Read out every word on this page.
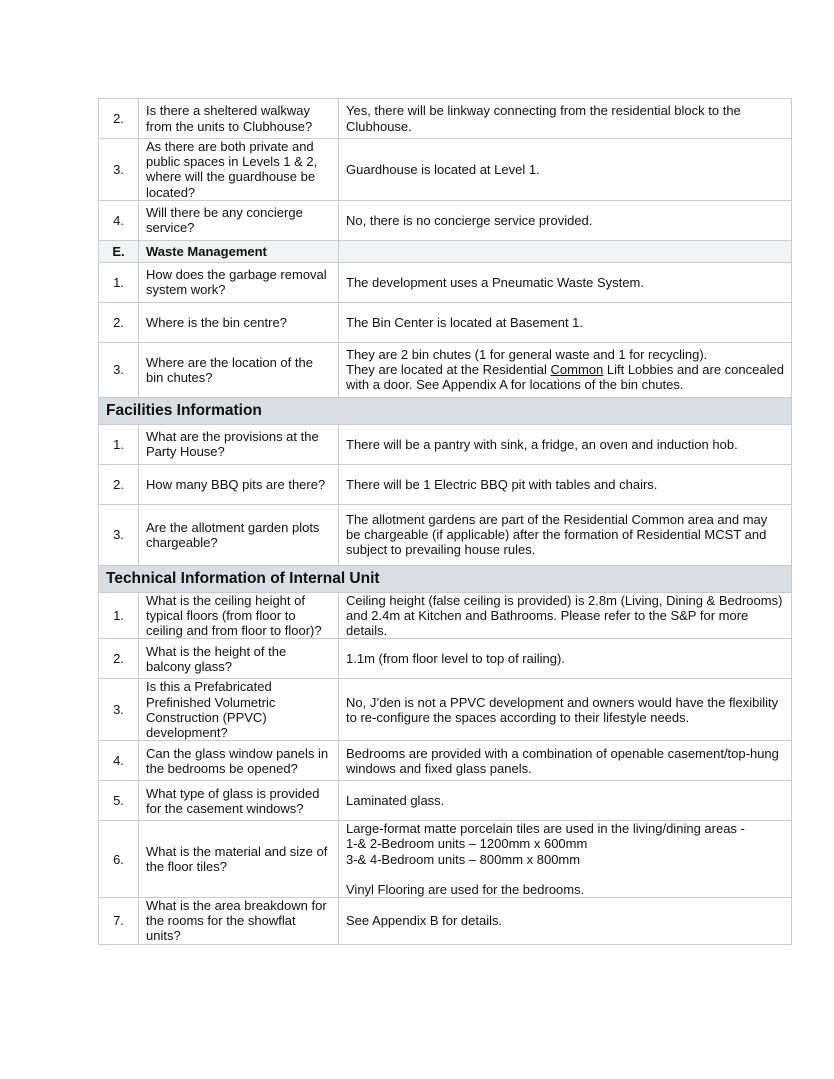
2.	Is there a sheltered walkway from the units to Clubhouse?	Yes, there will be linkway connecting from the residential block to the Clubhouse.
3.	As there are both private and public spaces in Levels 1 & 2, where will the guardhouse be located?	Guardhouse is located at Level 1.
4.	Will there be any concierge service?	No, there is no concierge service provided.
E.	Waste Management	
1.	How does the garbage removal system work?	The development uses a Pneumatic Waste System.
2.	Where is the bin centre?	The Bin Center is located at Basement 1.
3.	Where are the location of the bin chutes?	They are 2 bin chutes (1 for general waste and 1 for recycling).
They are located at the Residential Common Lift Lobbies and are concealed with a door. See Appendix A for locations of the bin chutes.
Facilities Information		
1.	What are the provisions at the Party House?	There will be a pantry with sink, a fridge, an oven and induction hob.
2.	How many BBQ pits are there?	There will be 1 Electric BBQ pit with tables and chairs.
3.	Are the allotment garden plots chargeable?	The allotment gardens are part of the Residential Common area and may be chargeable (if applicable) after the formation of Residential MCST and subject to prevailing house rules.
Technical Information of Internal Unit		
1.	What is the ceiling height of typical floors (from floor to ceiling and from floor to floor)?	Ceiling height (false ceiling is provided) is 2.8m (Living, Dining & Bedrooms) and 2.4m at Kitchen and Bathrooms. Please refer to the S&P for more details.
2.	What is the height of the balcony glass?	1.1m (from floor level to top of railing).
3.	Is this a Prefabricated Prefinished Volumetric Construction (PPVC) development?	No, J’den is not a PPVC development and owners would have the flexibility to re-configure the spaces according to their lifestyle needs.
4.	Can the glass window panels in the bedrooms be opened?	Bedrooms are provided with a combination of openable casement/top-hung windows and fixed glass panels.
5.	What type of glass is provided for the casement windows?	Laminated glass.
6.	What is the material and size of the floor tiles?	Large-format matte porcelain tiles are used in the living/dining areas -
1-& 2-Bedroom units – 1200mm x 600mm
3-& 4-Bedroom units – 800mm x 800mm
Vinyl Flooring are used for the bedrooms.
7.	What is the area breakdown for the rooms for the showflat units?	See Appendix B for details.
